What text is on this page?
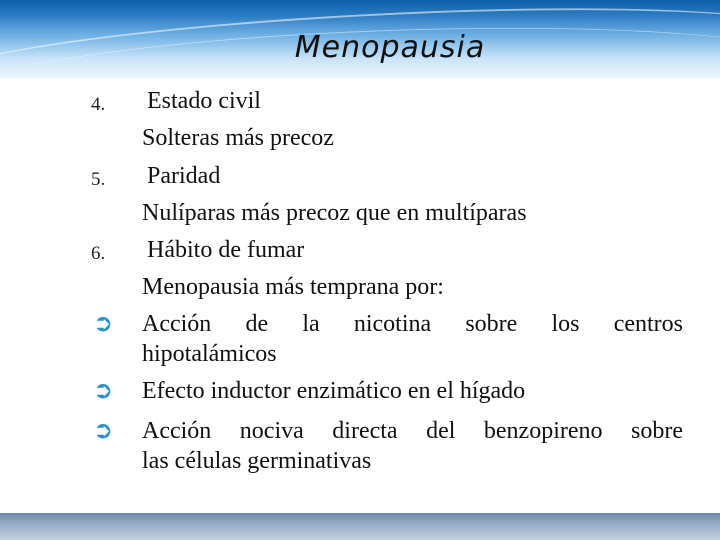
Menopausia
4. Estado civil
Solteras más precoz
5. Paridad
Nulíparas más precoz que en multíparas
6. Hábito de fumar
Menopausia más temprana por:
➲ Acción de la nicotina sobre los centros
hipotalámicos
➲ Efecto inductor enzimático en el hígado
➲ Acción nociva directa del benzopireno sobre
las células germinativas
